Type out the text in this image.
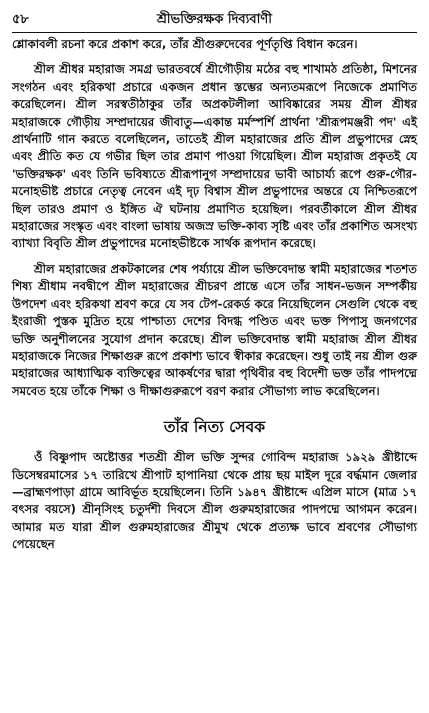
৫৮	শ্রীভক্তিরক্ষক দিব্যবাণী

শ্লোকাবলী রচনা করে প্রকাশ করে, তাঁর শ্রীগুরুদেবের পূর্ণতৃপ্তি বিধান করেন।

শ্রীল শ্রীধর মহারাজ সমগ্র ভারতবর্ষে শ্রীগৌড়ীয় মঠের বহু শাখামঠ প্রতিষ্ঠা, মিশনের সংগঠন এবং হরিকথা প্রচারে একজন প্রধান স্তম্ভের অন্যতমরূপে নিজেকে প্রমাণিত করেছিলেন। শ্রীল সরস্বতীঠাকুর তাঁর অপ্রকটলীলা আবিষ্কারের সময় শ্রীল শ্রীধর মহারাজকে গৌড়ীয় সম্প্রদায়ের জীবাতু—একান্ত মর্মস্পর্শি প্রার্থনা 'শ্রীরূপমঞ্জরী পদ' এই প্রার্থনাটি গান করতে বলেছিলেন, তাতেই শ্রীল মহারাজের প্রতি শ্রীল প্রভুপাদের স্নেহ এবং প্রীতি কত যে গভীর ছিল তার প্রমাণ পাওয়া গিয়েছিল। শ্রীল মহারাজ প্রকৃতই যে 'ভক্তিরক্ষক' এবং তিনি ভবিষ্যতে শ্রীরূপানুগ সম্প্রদায়ের ভাবী আচার্য্য রূপে গুরু-গৌর-মনোহভীষ্ট প্রচারে নেতৃত্ব নেবেন এই দৃঢ় বিশ্বাস শ্রীল প্রভুপাদের অন্তরে যে নিশ্চিতরূপে ছিল তারও প্রমাণ ও ইঙ্গিত ঐ ঘটনায় প্রমাণিত হয়েছিল। পরবর্তীকালে শ্রীল শ্রীধর মহারাজের সংস্কৃত এবং বাংলা ভাষায় অজস্র ভক্তি-কাব্য সৃষ্টি এবং তাঁর প্রকাশিত অসংখ্য ব্যাখ্যা বিবৃতি শ্রীল প্রভুপাদের মনোহভীষ্টকে সার্থক রূপদান করেছে।

শ্রীল মহারাজের প্রকটকালের শেষ পর্য্যায়ে শ্রীল ভক্তিবেদান্ত স্বামী মহারাজের শতশত শিষ্য শ্রীধাম নবদ্বীপে শ্রীল মহারাজের শ্রীচরণ প্রান্তে এসে তাঁর সাধন-ভজন সম্পর্কীয় উপদেশ এবং হরিকথা শ্রবণ করে যে সব টেপ-রেকর্ড করে নিয়েছিলেন সেগুলি থেকে বহু ইংরাজী পুস্তক মুদ্রিত হয়ে পাশ্চাত্য দেশের বিদগ্ধ পণ্ডিত এবং ভক্ত পিপাসু জনগণের ভক্তি অনুশীলনের সুযোগ প্রদান করেছে। শ্রীল ভক্তিবেদান্ত স্বামী মহারাজ শ্রীল শ্রীধর মহারাজকে নিজের শিক্ষাগুরু রূপে প্রকাশ্য ভাবে স্বীকার করেছেন। শুধু তাই নয় শ্রীল গুরু মহারাজের আধ্যাত্মিক ব্যক্তিত্বের আকর্ষণের দ্বারা পৃথিবীর বহু বিদেশী ভক্ত তাঁর পাদপদ্মে সমবেত হয়ে তাঁকে শিক্ষা ও দীক্ষাগুরুরূপে বরণ করার সৌভাগ্য লাভ করেছিলেন।

তাঁর নিত্য সেবক

ওঁ বিষ্ণুপাদ অষ্টোত্তর শতশ্রী শ্রীল ভক্তি সুন্দর গোবিন্দ মহারাজ ১৯২৯ খ্রীষ্টাব্দে ডিসেম্বরমাসের ১৭ তারিখে শ্রীপাট হাপানিয়া থেকে প্রায় ছয় মাইল দূরে বর্দ্ধমান জেলার—ব্রাহ্মণপাড়া গ্রামে আবির্ভূত হয়েছিলেন। তিনি ১৯৪৭ খ্রীষ্টাব্দে এপ্রিল মাসে (মাত্র ১৭ বৎসর বয়সে) শ্রীনৃসিংহ চতুর্দশী দিবসে শ্রীল গুরুমহারাজের পাদপদ্মে আগমন করেন। আমার মত যারা শ্রীল গুরুমহারাজের শ্রীমুখ থেকে প্রত্যক্ষ ভাবে শ্রবণের সৌভাগ্য পেয়েছেন
